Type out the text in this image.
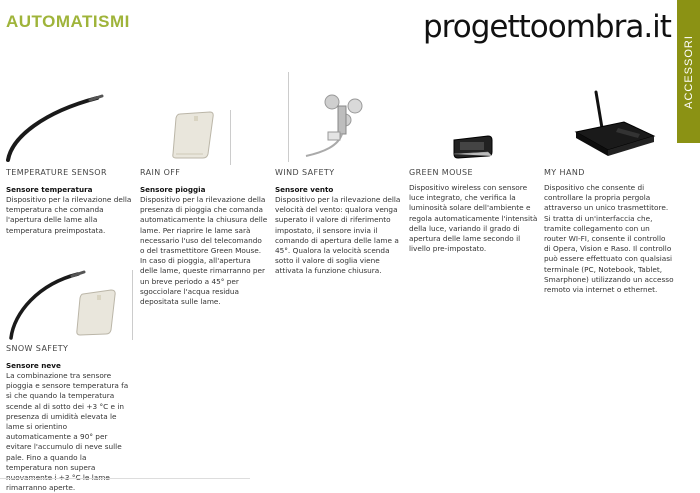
AUTOMATISMI	progettoombra.it
ACCESSORI

TEMPERATURE SENSOR

Sensore temperatura
Dispositivo per la rilevazione della temperatura che comanda l'apertura delle lame alla temperatura preimpostata.

RAIN OFF

Sensore pioggia
Dispositivo per la rilevazione della presenza di pioggia che comanda automaticamente la chiusura delle lame. Per riaprire le lame sarà necessario l'uso del telecomando o del trasmettitore Green Mouse. In caso di pioggia, all'apertura delle lame, queste rimarranno per un breve periodo a 45° per sgocciolare l'acqua residua depositata sulle lame.

WIND SAFETY

Sensore vento
Dispositivo per la rilevazione della velocità del vento: qualora venga superato il valore di riferimento impostato, il sensore invia il comando di apertura delle lame a 45°. Qualora la velocità scenda sotto il valore di soglia viene attivata la funzione chiusura.

GREEN MOUSE

Dispositivo wireless con sensore luce integrato, che verifica la luminosità solare dell'ambiente e regola automaticamente l'intensità della luce, variando il grado di apertura delle lame secondo il livello pre-impostato.

MY HAND

Dispositivo che consente di controllare la propria pergola attraverso un unico trasmettitore. Si tratta di un'interfaccia che, tramite collegamento con un router WI-FI, consente il controllo di Opera, Vision e Raso. Il controllo può essere effettuato con qualsiasi terminale (PC, Notebook, Tablet, Smarphone) utilizzando un accesso remoto via internet o ethernet.

SNOW SAFETY

Sensore neve
La combinazione tra sensore pioggia e sensore temperatura fa sì che quando la temperatura scende al di sotto dei +3 °C e in presenza di umidità elevata le lame si orientino automaticamente a 90° per evitare l'accumulo di neve sulle pale. Fino a quando la temperatura non supera rimarranno aperte.
